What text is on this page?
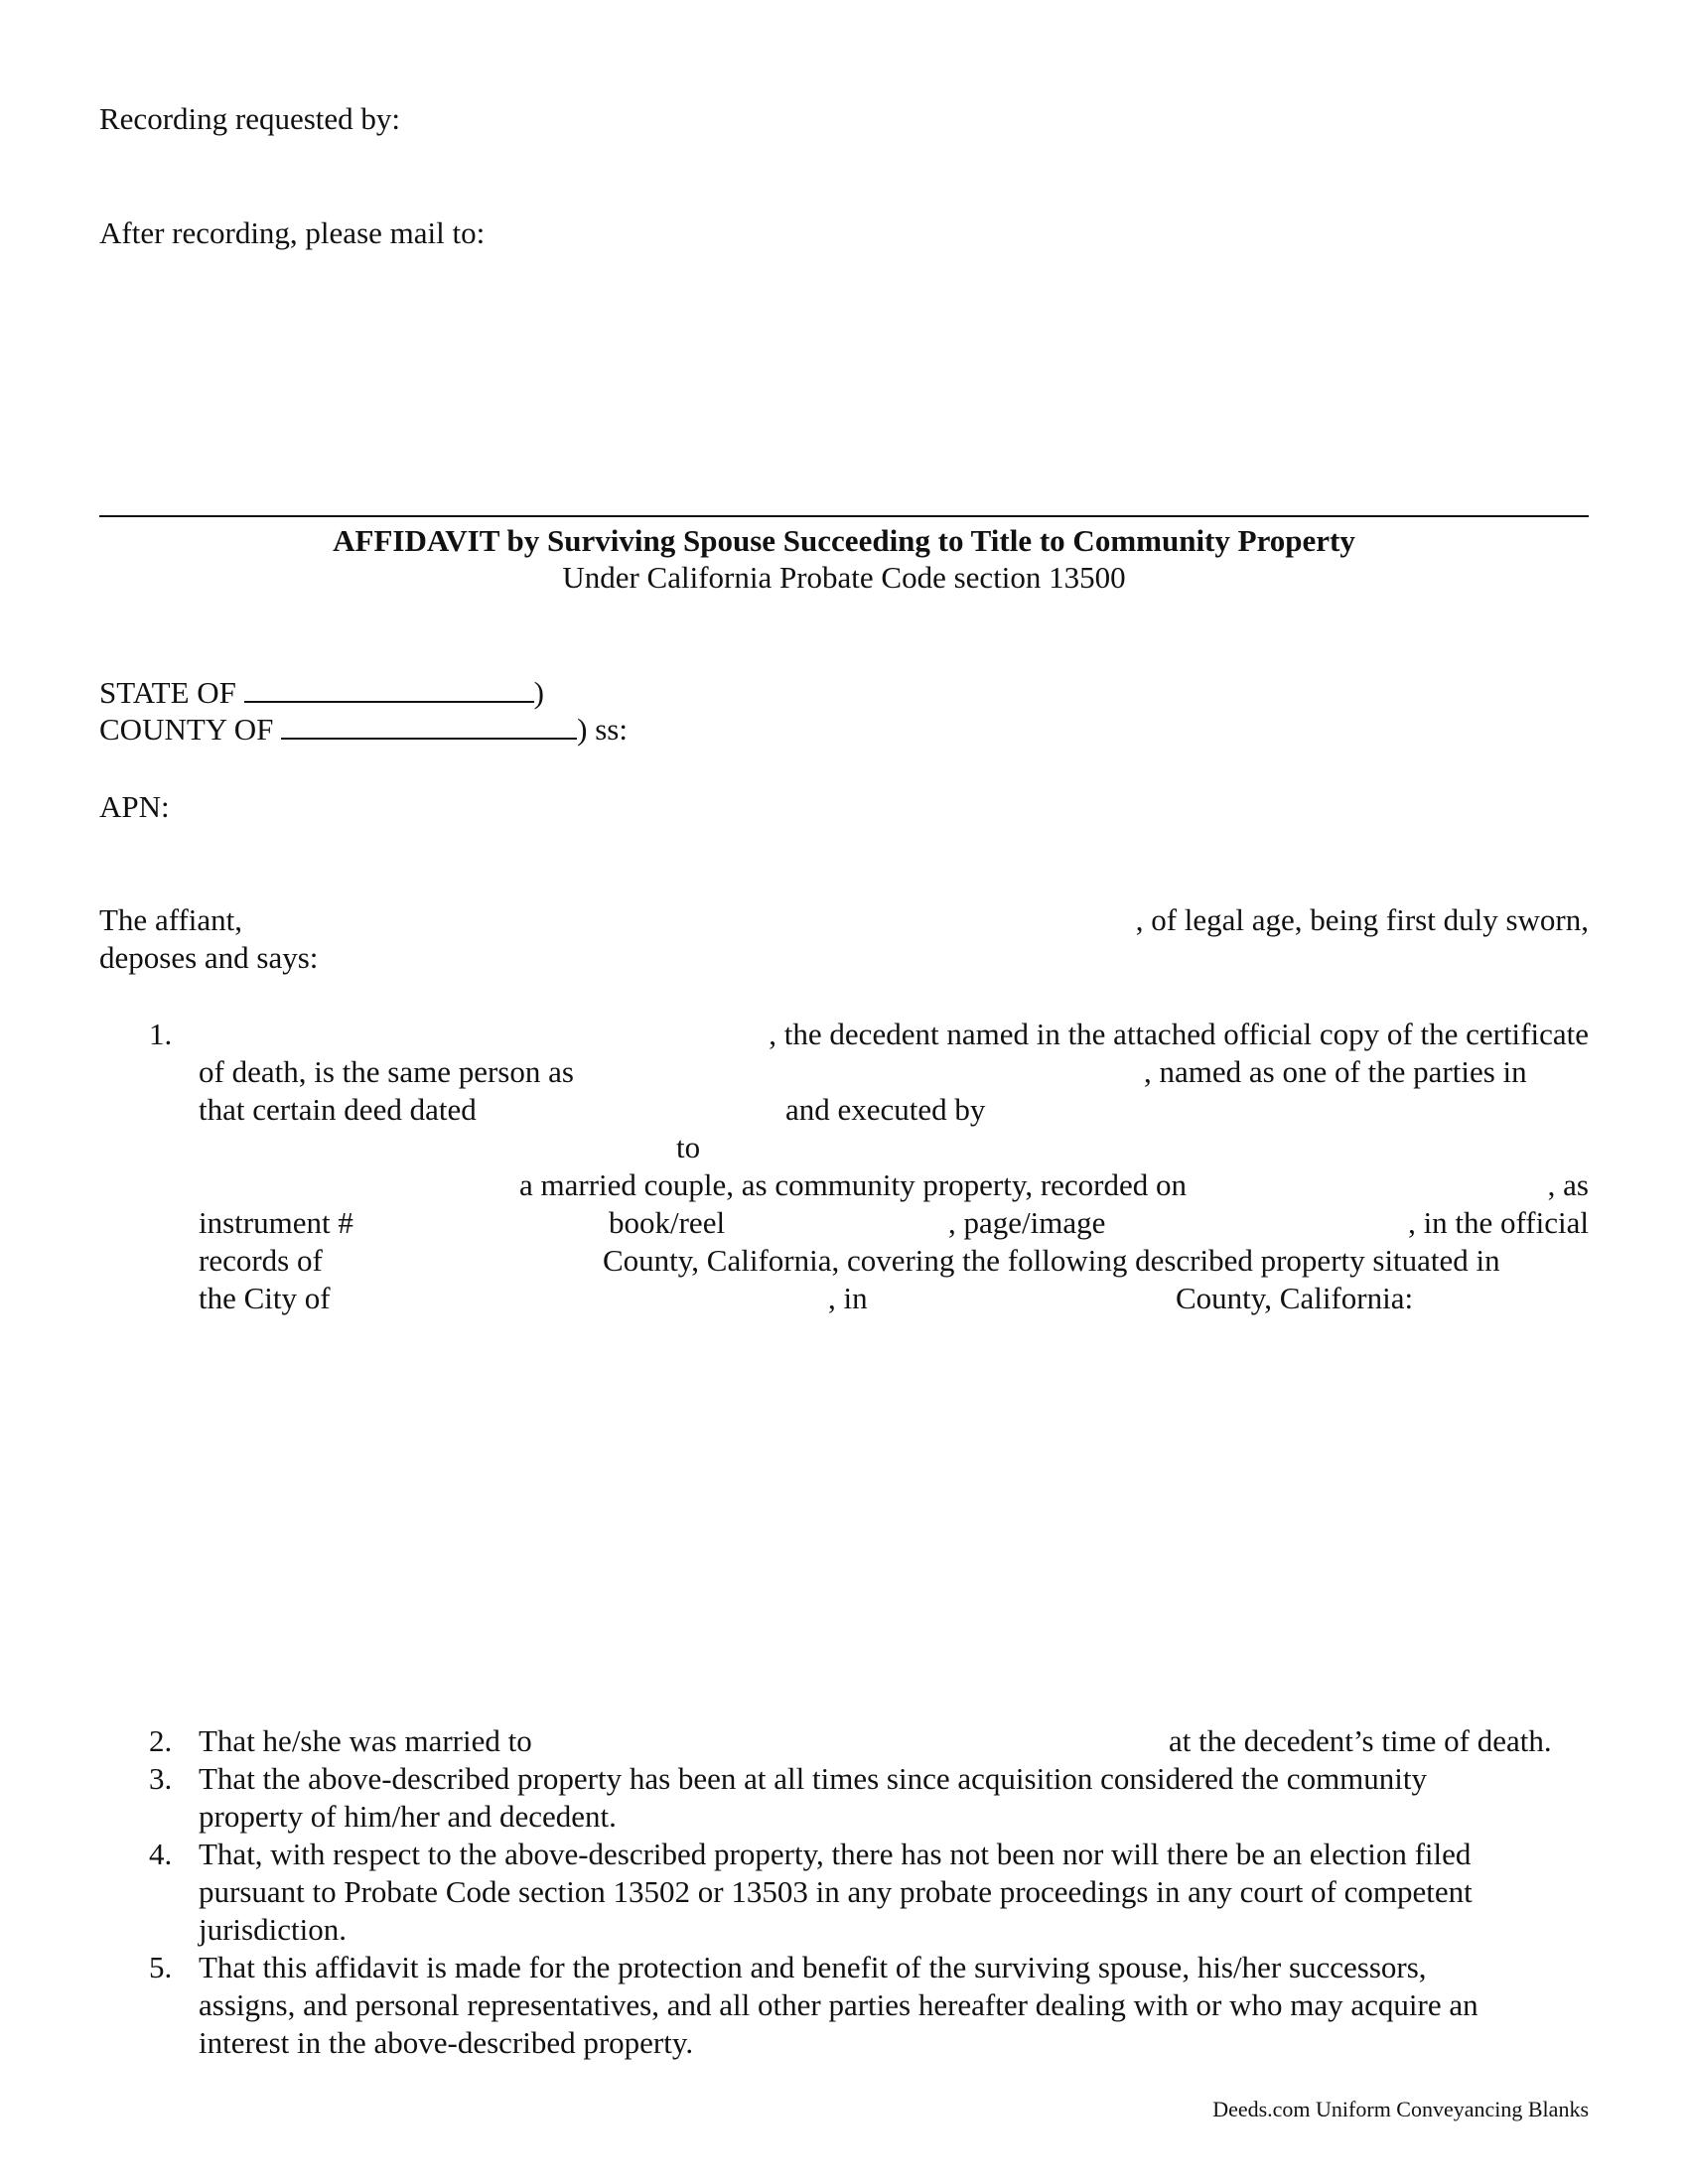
Recording requested by:
After recording, please mail to:
AFFIDAVIT by Surviving Spouse Succeeding to Title to Community Property
Under California Probate Code section 13500
STATE OF	)
COUNTY OF	) ss:
APN:
The affiant,	, of legal age, being first duly sworn,
deposes and says:
1.	, the decedent named in the attached official copy of the certificate
of death, is the same person as	, named as one of the parties in
that certain deed dated	and executed by
to
a married couple, as community property, recorded on	, as
instrument #	book/reel	, page/image	, in the official
records of	County, California, covering the following described property situated in
the City of	, in	County, California:
2. That he/she was married to	at the decedent’s time of death.
3. That the above-described property has been at all times since acquisition considered the community
property of him/her and decedent.
4. That, with respect to the above-described property, there has not been nor will there be an election filed
pursuant to Probate Code section 13502 or 13503 in any probate proceedings in any court of competent
jurisdiction.
5. That this affidavit is made for the protection and benefit of the surviving spouse, his/her successors,
assigns, and personal representatives, and all other parties hereafter dealing with or who may acquire an
interest in the above-described property.
Deeds.com Uniform Conveyancing Blanks
